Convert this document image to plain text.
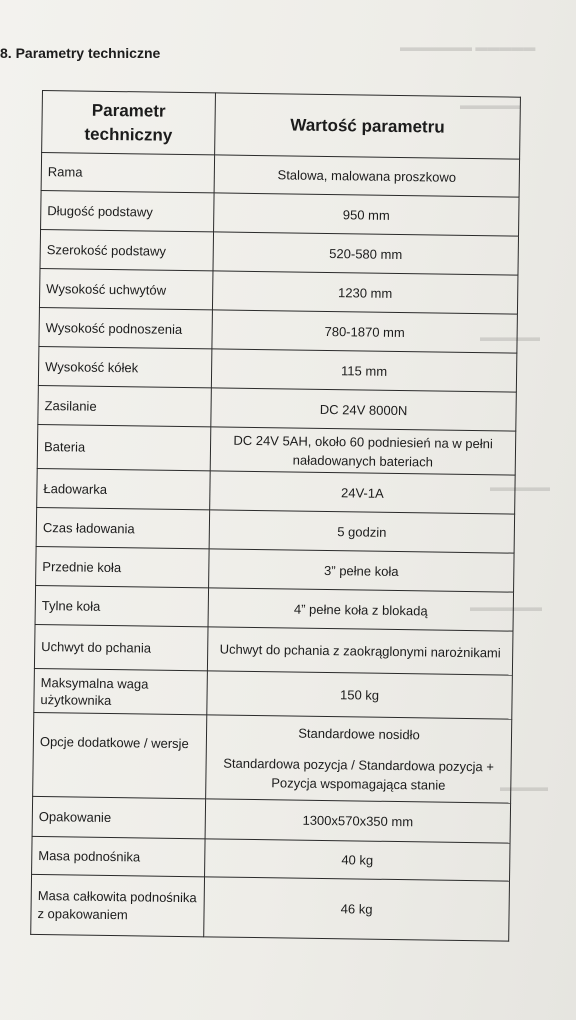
▬▬▬▬▬ ▬▬▬▬▬▬
▬▬▬▬▬
▬▬▬▬▬
▬▬▬▬▬
▬▬▬▬▬▬
▬▬▬▬
8. Parametry techniczne
Parametr techniczny	Wartość parametru
Rama	Stalowa, malowana proszkowo
Długość podstawy	950 mm
Szerokość podstawy	520-580 mm
Wysokość uchwytów	1230 mm
Wysokość podnoszenia	780-1870 mm
Wysokość kółek	115 mm
Zasilanie	DC 24V 8000N
Bateria	DC 24V 5AH, około 60 podniesień na w pełni naładowanych bateriach
Ładowarka	24V-1A
Czas ładowania	5 godzin
Przednie koła	3” pełne koła
Tylne koła	4” pełne koła z blokadą
Uchwyt do pchania	Uchwyt do pchania z zaokrąglonymi narożnikami
Maksymalna waga użytkownika	150 kg
Opcje dodatkowe / wersje	Standardowe nosidło
Standardowa pozycja / Standardowa pozycja + Pozycja wspomagająca stanie

Opakowanie	1300x570x350 mm
Masa podnośnika	40 kg
Masa całkowita podnośnika z opakowaniem	46 kg
